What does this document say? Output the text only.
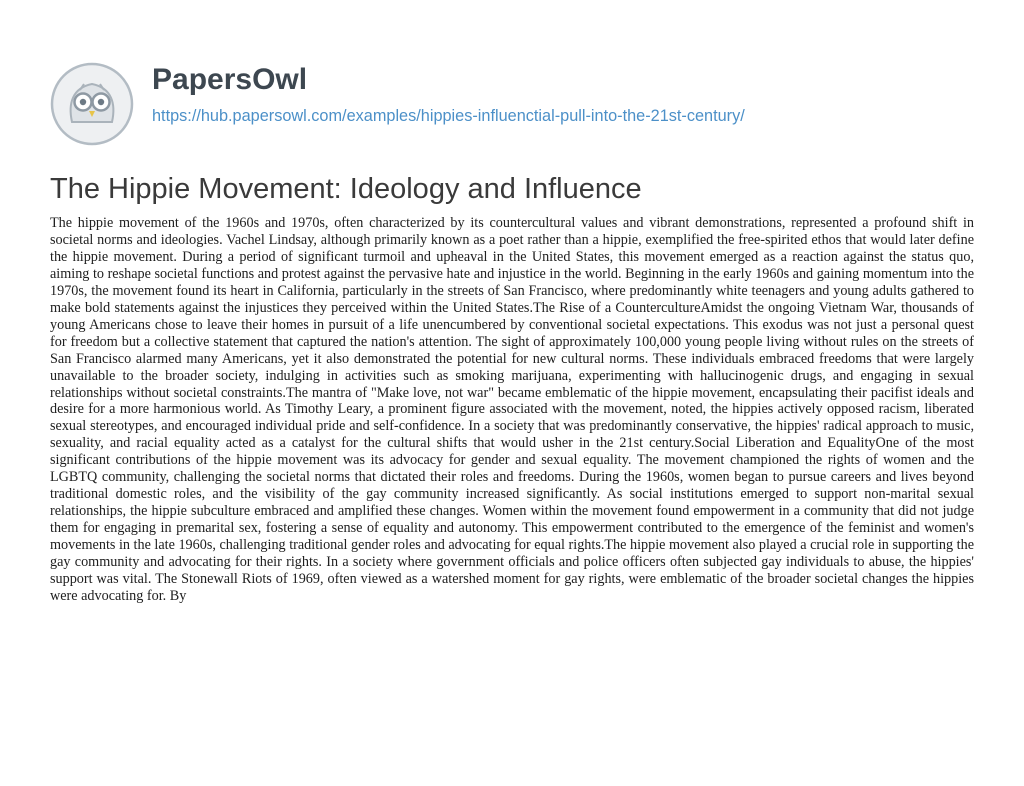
PapersOwl
https://hub.papersowl.com/examples/hippies-influenctial-pull-into-the-21st-century/
The Hippie Movement: Ideology and Influence

The hippie movement of the 1960s and 1970s, often characterized by its countercultural values and vibrant demonstrations, represented a profound shift in societal norms and ideologies. Vachel Lindsay, although primarily known as a poet rather than a hippie, exemplified the free-spirited ethos that would later define the hippie movement. During a period of significant turmoil and upheaval in the United States, this movement emerged as a reaction against the status quo, aiming to reshape societal functions and protest against the pervasive hate and injustice in the world. Beginning in the early 1960s and gaining momentum into the 1970s, the movement found its heart in California, particularly in the streets of San Francisco, where predominantly white teenagers and young adults gathered to make bold statements against the injustices they perceived within the United States.The Rise of a CountercultureAmidst the ongoing Vietnam War, thousands of young Americans chose to leave their homes in pursuit of a life unencumbered by conventional societal expectations. This exodus was not just a personal quest for freedom but a collective statement that captured the nation's attention. The sight of approximately 100,000 young people living without rules on the streets of San Francisco alarmed many Americans, yet it also demonstrated the potential for new cultural norms. These individuals embraced freedoms that were largely unavailable to the broader society, indulging in activities such as smoking marijuana, experimenting with hallucinogenic drugs, and engaging in sexual relationships without societal constraints.The mantra of "Make love, not war" became emblematic of the hippie movement, encapsulating their pacifist ideals and desire for a more harmonious world. As Timothy Leary, a prominent figure associated with the movement, noted, the hippies actively opposed racism, liberated sexual stereotypes, and encouraged individual pride and self-confidence. In a society that was predominantly conservative, the hippies' radical approach to music, sexuality, and racial equality acted as a catalyst for the cultural shifts that would usher in the 21st century.Social Liberation and EqualityOne of the most significant contributions of the hippie movement was its advocacy for gender and sexual equality. The movement championed the rights of women and the LGBTQ community, challenging the societal norms that dictated their roles and freedoms. During the 1960s, women began to pursue careers and lives beyond traditional domestic roles, and the visibility of the gay community increased significantly. As social institutions emerged to support non-marital sexual relationships, the hippie subculture embraced and amplified these changes. Women within the movement found empowerment in a community that did not judge them for engaging in premarital sex, fostering a sense of equality and autonomy. This empowerment contributed to the emergence of the feminist and women's movements in the late 1960s, challenging traditional gender roles and advocating for equal rights.The hippie movement also played a crucial role in supporting the gay community and advocating for their rights. In a society where government officials and police officers often subjected gay individuals to abuse, the hippies' support was vital. The Stonewall Riots of 1969, often viewed as a watershed moment for gay rights, were emblematic of the broader societal changes the hippies were advocating for. By
